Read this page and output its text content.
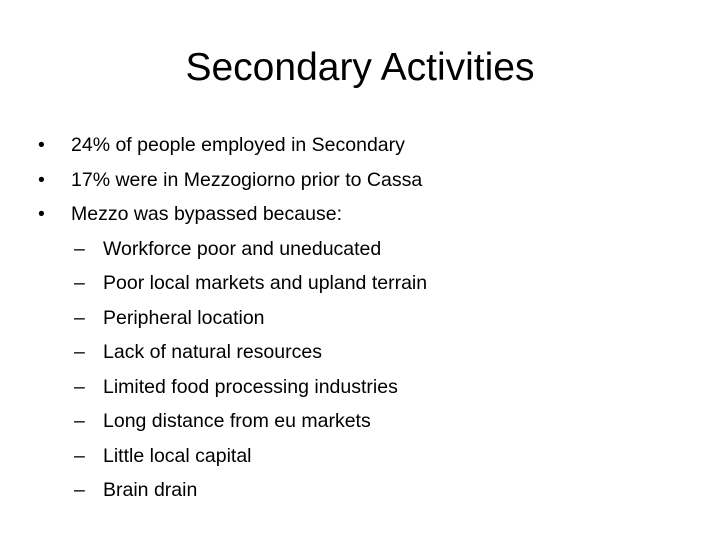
Secondary Activities
• 24% of people employed in Secondary
• 17% were in Mezzogiorno prior to Cassa
• Mezzo was bypassed because:
– Workforce poor and uneducated
– Poor local markets and upland terrain
– Peripheral location
– Lack of natural resources
– Limited food processing industries
– Long distance from eu markets
– Little local capital
– Brain drain
